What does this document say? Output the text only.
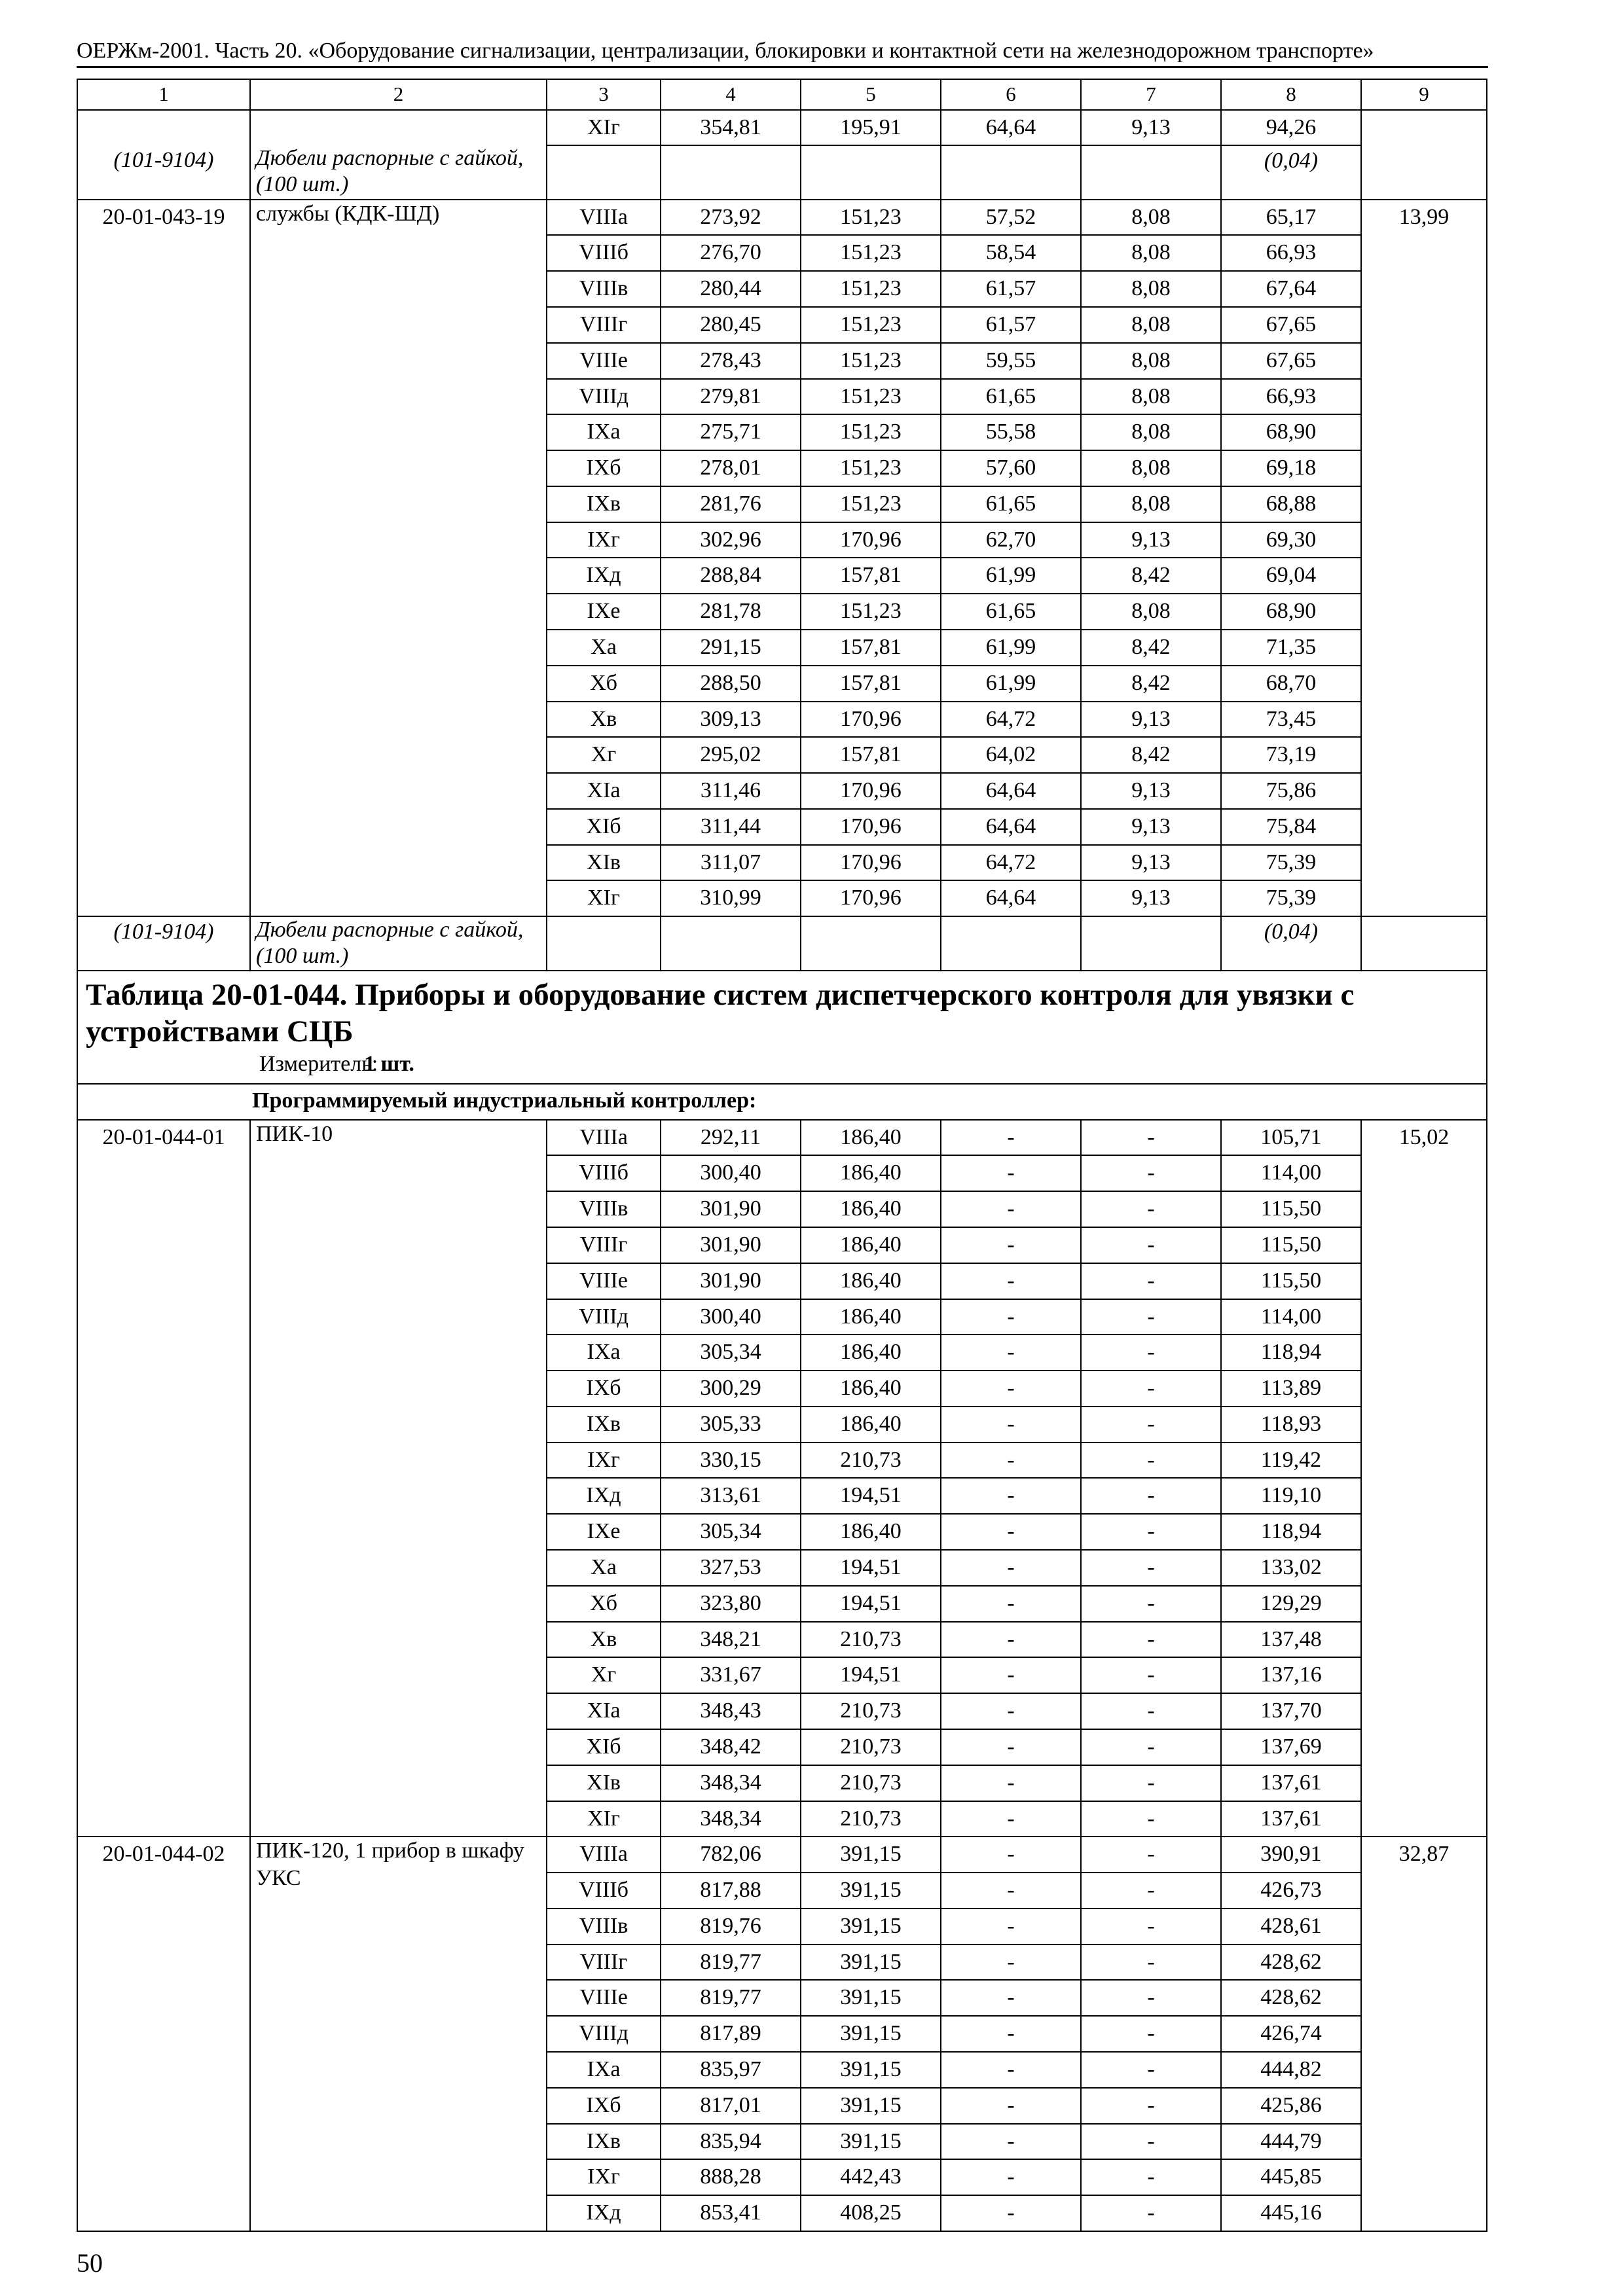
ОЕРЖм-2001. Часть 20. «Оборудование сигнализации, централизации, блокировки и контактной сети на железнодорожном транспорте»
1	2	3	4	5	6	7	8	9
		XIг	354,81	195,91	64,64	9,13	94,26	
(101-9104)	Дюбели распорные с гайкой, (100 шт.)						(0,04)	
20-01-043-19	службы (КДК-ШД)	VIIIа	273,92	151,23	57,52	8,08	65,17	13,99
		VIIIб	276,70	151,23	58,54	8,08	66,93	
		VIIIв	280,44	151,23	61,57	8,08	67,64	
		VIIIг	280,45	151,23	61,57	8,08	67,65	
		VIIIе	278,43	151,23	59,55	8,08	67,65	
		VIIIд	279,81	151,23	61,65	8,08	66,93	
		IXа	275,71	151,23	55,58	8,08	68,90	
		IXб	278,01	151,23	57,60	8,08	69,18	
		IXв	281,76	151,23	61,65	8,08	68,88	
		IXг	302,96	170,96	62,70	9,13	69,30	
		IXд	288,84	157,81	61,99	8,42	69,04	
		IXе	281,78	151,23	61,65	8,08	68,90	
		Xа	291,15	157,81	61,99	8,42	71,35	
		Xб	288,50	157,81	61,99	8,42	68,70	
		Xв	309,13	170,96	64,72	9,13	73,45	
		Xг	295,02	157,81	64,02	8,42	73,19	
		XIа	311,46	170,96	64,64	9,13	75,86	
		XIб	311,44	170,96	64,64	9,13	75,84	
		XIв	311,07	170,96	64,72	9,13	75,39	
		XIг	310,99	170,96	64,64	9,13	75,39	
(101-9104)	Дюбели распорные с гайкой, (100 шт.)						(0,04)	

Таблица 20-01-044. Приборы и оборудование систем диспетчерского контроля для увязки с устройствами СЦБ
Измеритель:1 шт.								

Программируемый индустриальный контроллер:								
20-01-044-01	ПИК-10	VIIIа	292,11	186,40	-	-	105,71	15,02
		VIIIб	300,40	186,40	-	-	114,00	
		VIIIв	301,90	186,40	-	-	115,50	
		VIIIг	301,90	186,40	-	-	115,50	
		VIIIе	301,90	186,40	-	-	115,50	
		VIIIд	300,40	186,40	-	-	114,00	
		IXа	305,34	186,40	-	-	118,94	
		IXб	300,29	186,40	-	-	113,89	
		IXв	305,33	186,40	-	-	118,93	
		IXг	330,15	210,73	-	-	119,42	
		IXд	313,61	194,51	-	-	119,10	
		IXе	305,34	186,40	-	-	118,94	
		Xа	327,53	194,51	-	-	133,02	
		Xб	323,80	194,51	-	-	129,29	
		Xв	348,21	210,73	-	-	137,48	
		Xг	331,67	194,51	-	-	137,16	
		XIа	348,43	210,73	-	-	137,70	
		XIб	348,42	210,73	-	-	137,69	
		XIв	348,34	210,73	-	-	137,61	
		XIг	348,34	210,73	-	-	137,61	
20-01-044-02	ПИК-120, 1 прибор в шкафу УКС	VIIIа	782,06	391,15	-	-	390,91	32,87
		VIIIб	817,88	391,15	-	-	426,73	
		VIIIв	819,76	391,15	-	-	428,61	
		VIIIг	819,77	391,15	-	-	428,62	
		VIIIе	819,77	391,15	-	-	428,62	
		VIIIд	817,89	391,15	-	-	426,74	
		IXа	835,97	391,15	-	-	444,82	
		IXб	817,01	391,15	-	-	425,86	
		IXв	835,94	391,15	-	-	444,79	
		IXг	888,28	442,43	-	-	445,85	
		IXд	853,41	408,25	-	-	445,16	
50
